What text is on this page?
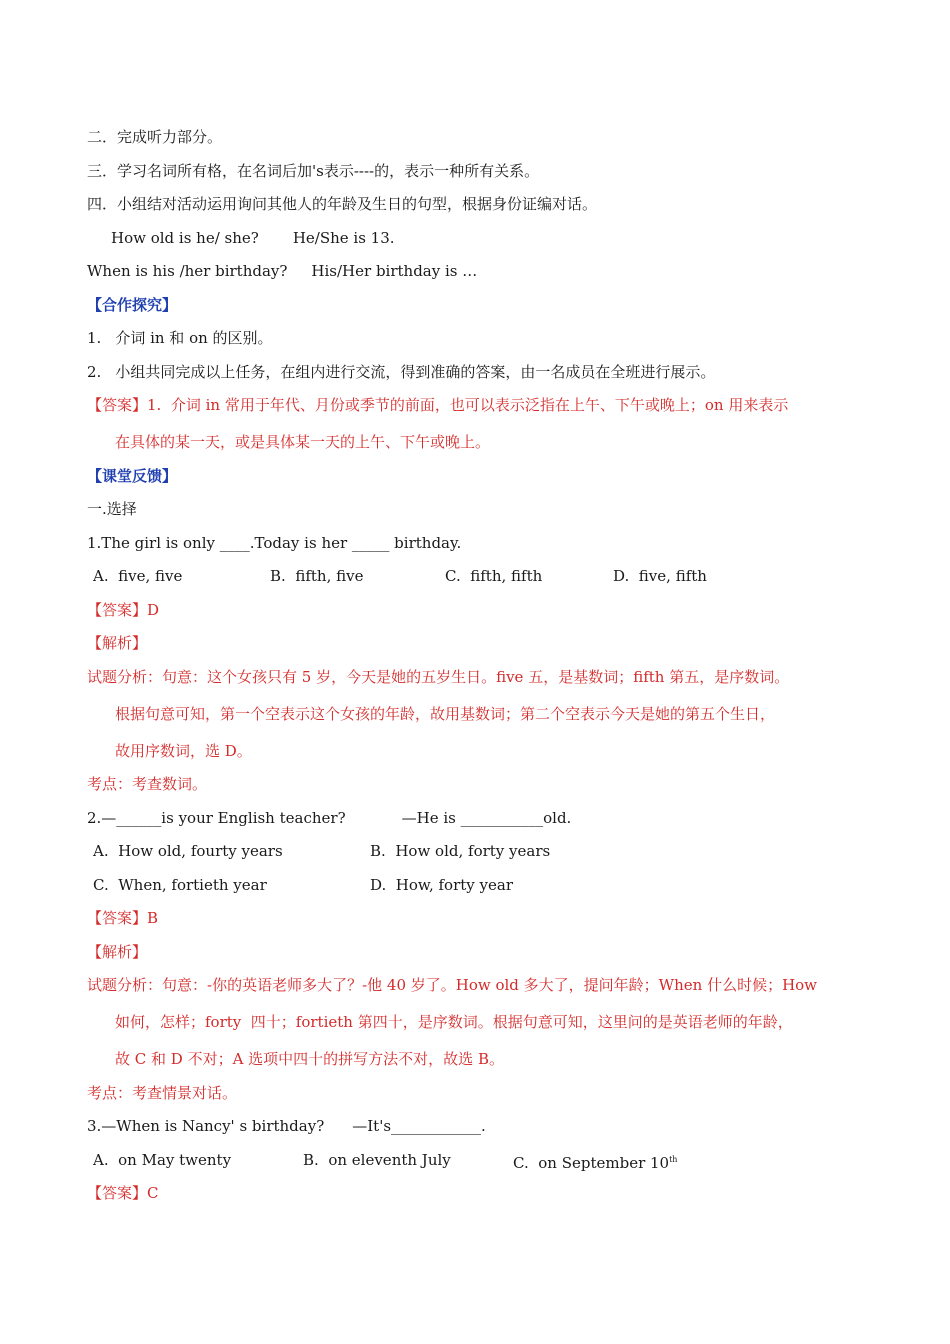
二．完成听力部分。
三．学习名词所有格，在名词后加's表示----的，表示一种所有关系。
四．小组结对活动运用询问其他人的年龄及生日的句型，根据身份证编对话。
How old is he/ she? He/She is 13.
When is his /her birthday? His/Her birthday is …
【合作探究】
1. 介词 in 和 on 的区别。
2. 小组共同完成以上任务，在组内进行交流，得到准确的答案，由一名成员在全班进行展示。
【答案】1.  介词 in 常用于年代、月份或季节的前面，也可以表示泛指在上午、下午或晚上；on 用来表示
在具体的某一天，或是具体某一天的上午、下午或晚上。
【课堂反馈】
一.选择
1.The girl is only ____.Today is her _____ birthday.

A.  five, five

	B.  fifth, five

	C.  fifth, fifth

	D.  five, fifth

【答案】D
【解析】
试题分析：句意：这个女孩只有 5 岁，今天是她的五岁生日。five 五，是基数词；fifth 第五，是序数词。
根据句意可知，第一个空表示这个女孩的年龄，故用基数词；第二个空表示今天是她的第五个生日，
故用序数词，选 D。
考点：考查数词。
2.—______is your English teacher?	—He is ___________old.

A.  How old, fourty years

	B.  How old, forty years

C.  When, fortieth year

	D.  How, forty year

【答案】B
【解析】
试题分析：句意：-你的英语老师多大了？-他 40 岁了。How old 多大了，提问年龄；When 什么时候；How
如何，怎样；forty  四十；fortieth 第四十，是序数词。根据句意可知，这里问的是英语老师的年龄，
故 C 和 D 不对；A 选项中四十的拼写方法不对，故选 B。
考点：考查情景对话。
3.—When is Nancy' s birthday? —It's____________.

A.  on May twenty

	B.  on eleventh July

	C.  on September 10th

【答案】C
